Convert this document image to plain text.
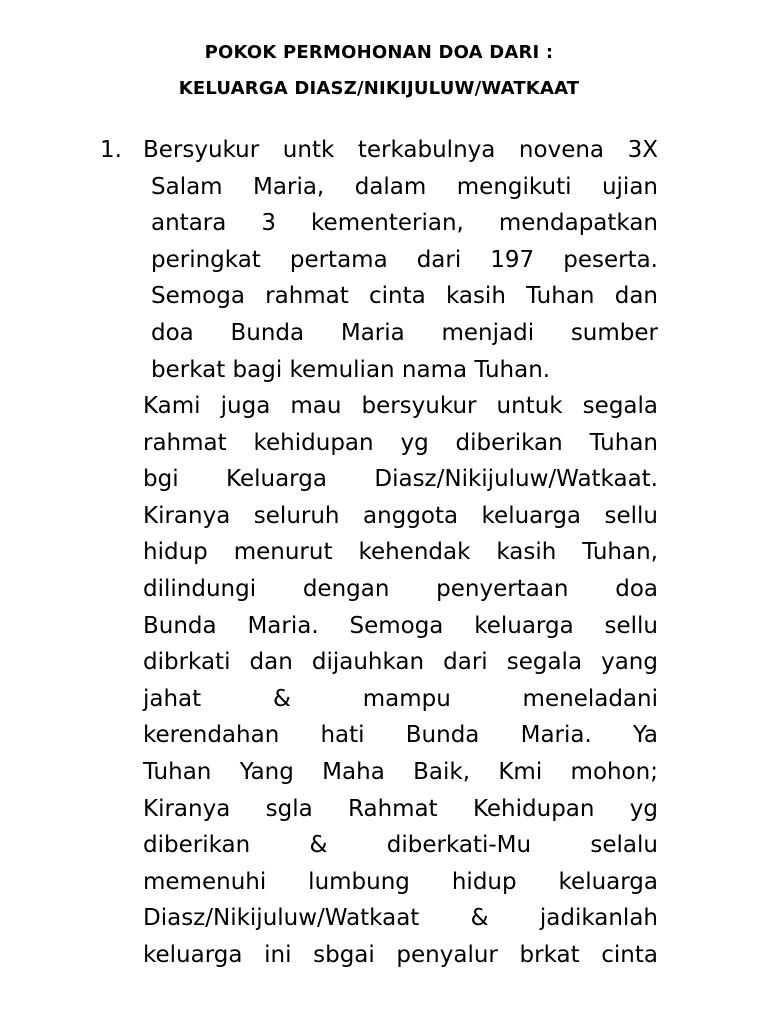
POKOK PERMOHONAN DOA DARI :
KELUARGA DIASZ/NIKIJULUW/WATKAAT
1. Bersyukur untk terkabulnya novena 3X
Salam Maria, dalam mengikuti ujian
antara 3 kementerian, mendapatkan
peringkat pertama dari 197 peserta.
Semoga rahmat cinta kasih Tuhan dan
doa Bunda Maria menjadi sumber
berkat bagi kemulian nama Tuhan.
Kami juga mau bersyukur untuk segala
rahmat kehidupan yg diberikan Tuhan
bgi Keluarga Diasz/Nikijuluw/Watkaat.
Kiranya seluruh anggota keluarga sellu
hidup menurut kehendak kasih Tuhan,
dilindungi dengan penyertaan doa
Bunda Maria. Semoga keluarga sellu
dibrkati dan dijauhkan dari segala yang
jahat & mampu meneladani
kerendahan hati Bunda Maria. Ya
Tuhan Yang Maha Baik, Kmi mohon;
Kiranya sgla Rahmat Kehidupan yg
diberikan & diberkati-Mu selalu
memenuhi lumbung hidup keluarga
Diasz/Nikijuluw/Watkaat & jadikanlah
keluarga ini sbgai penyalur brkat cinta
